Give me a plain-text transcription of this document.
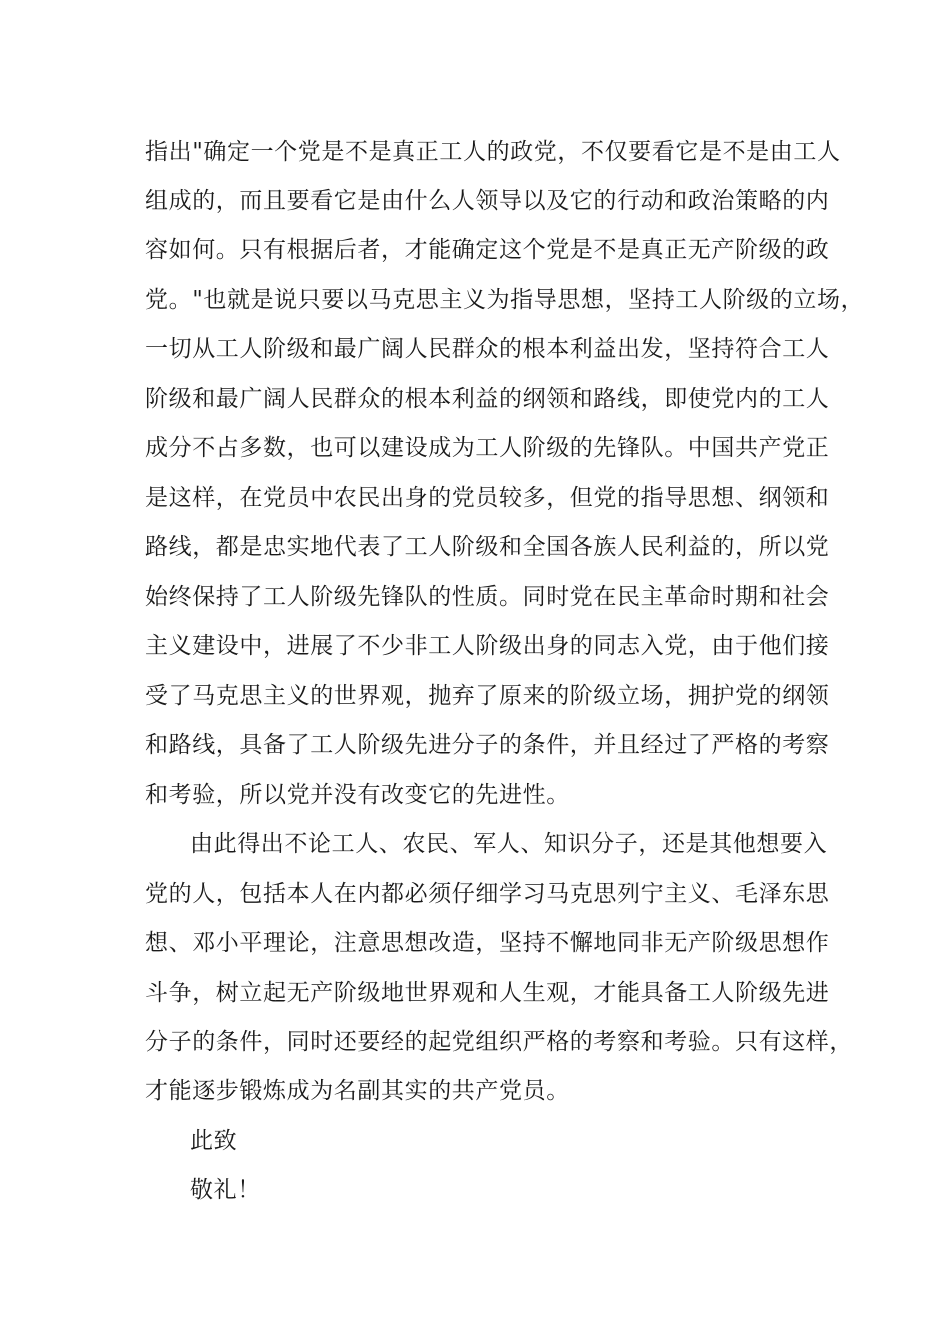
指出"确定一个党是不是真正工人的政党，不仅要看它是不是由工人
组成的，而且要看它是由什么人领导以及它的行动和政治策略的内
容如何。只有根据后者，才能确定这个党是不是真正无产阶级的政
党。"也就是说只要以马克思主义为指导思想，坚持工人阶级的立场，
一切从工人阶级和最广阔人民群众的根本利益出发，坚持符合工人
阶级和最广阔人民群众的根本利益的纲领和路线，即使党内的工人
成分不占多数，也可以建设成为工人阶级的先锋队。中国共产党正
是这样，在党员中农民出身的党员较多，但党的指导思想、纲领和
路线，都是忠实地代表了工人阶级和全国各族人民利益的，所以党
始终保持了工人阶级先锋队的性质。同时党在民主革命时期和社会
主义建设中，进展了不少非工人阶级出身的同志入党，由于他们接
受了马克思主义的世界观，抛弃了原来的阶级立场，拥护党的纲领
和路线，具备了工人阶级先进分子的条件，并且经过了严格的考察
和考验，所以党并没有改变它的先进性。
由此得出不论工人、农民、军人、知识分子，还是其他想要入
党的人，包括本人在内都必须仔细学习马克思列宁主义、毛泽东思
想、邓小平理论，注意思想改造，坚持不懈地同非无产阶级思想作
斗争，树立起无产阶级地世界观和人生观，才能具备工人阶级先进
分子的条件，同时还要经的起党组织严格的考察和考验。只有这样，
才能逐步锻炼成为名副其实的共产党员。
此致
敬礼！
